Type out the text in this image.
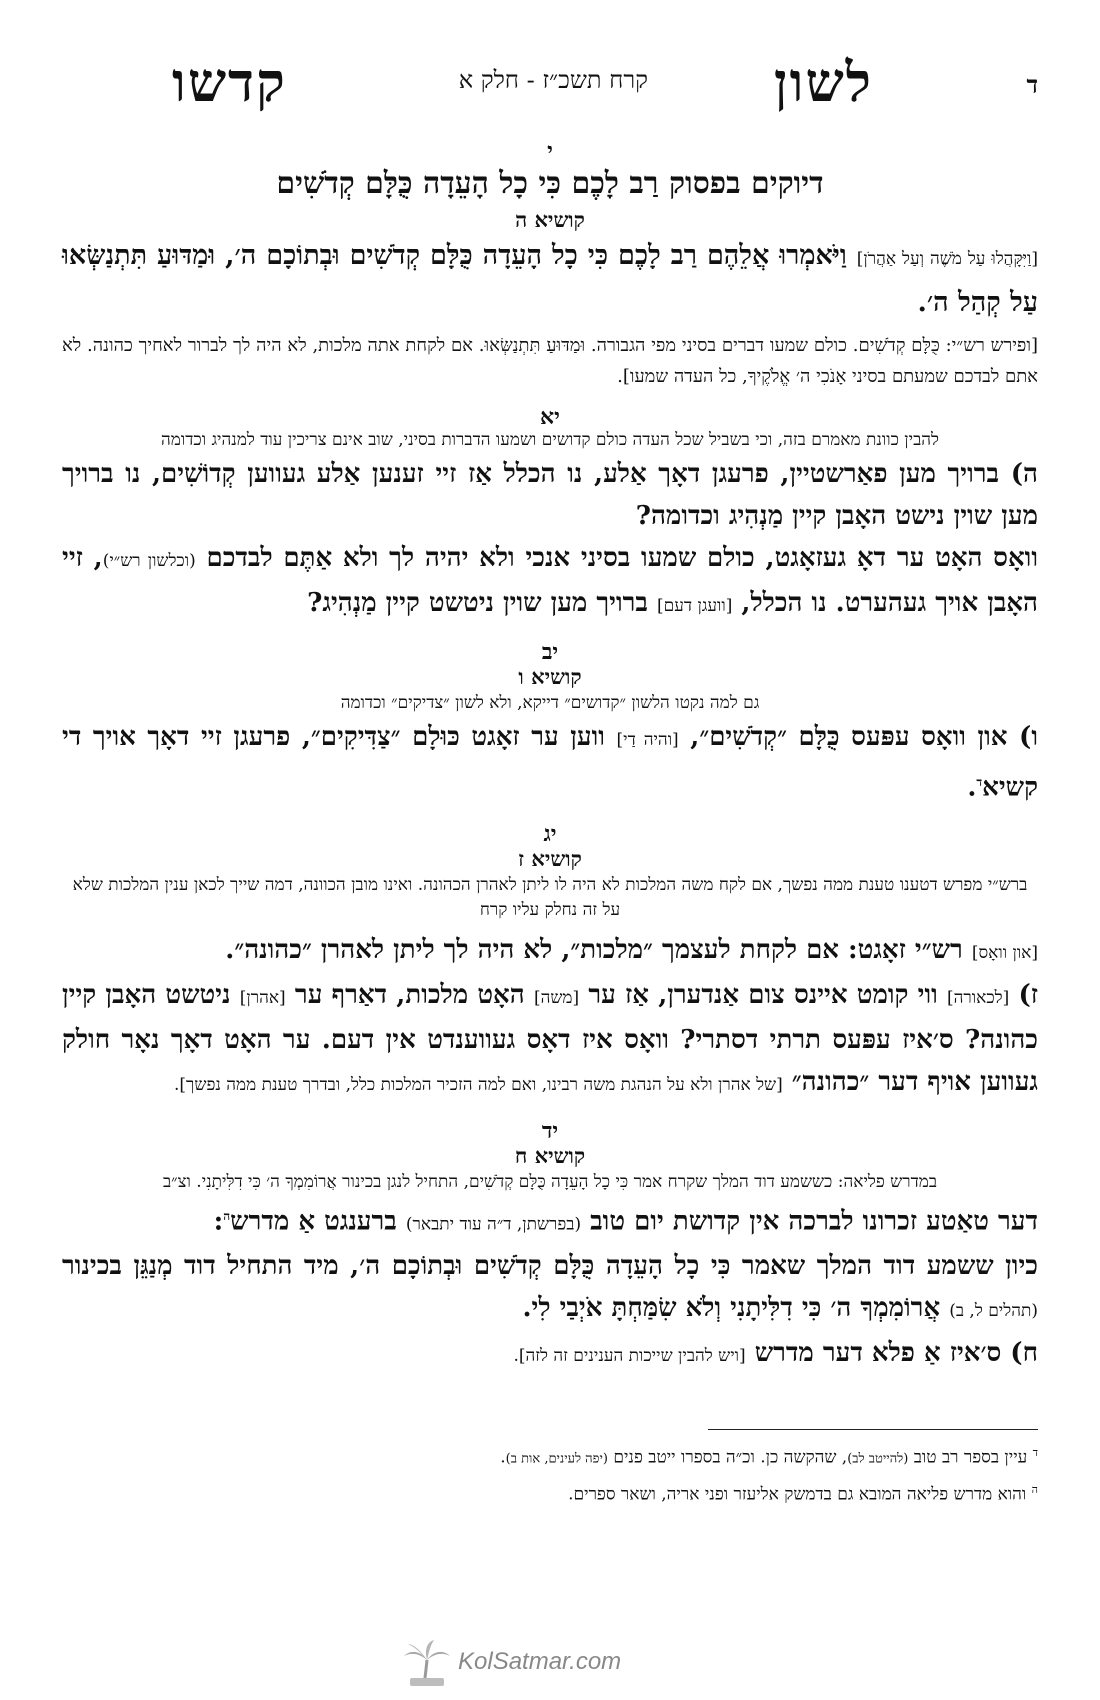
ד
לשון
קרח תשכ״ז - חלק א
קדשו
י
דיוקים בפסוק רַב לָכֶם כִּי כָל הָעֵדָה כֻּלָּם קְדֹשִׁים
קושיא ה
[וַיִּקָּהֲלוּ עַל מֹשֶׁה וְעַל אַהֲרֹן] וַיֹּאמְרוּ אֲלֵהֶם רַב לָכֶם כִּי כָל הָעֵדָה כֻּלָּם קְדֹשִׁים וּבְתוֹכָם ה׳, וּמַדּוּעַ תִּתְנַשְּׂאוּ עַל קְהַל ה׳.
[ופירש רש״י: כֻּלָּם קְדֹשִׁים. כולם שמעו דברים בסיני מפי הגבורה. וּמַדּוּעַ תִּתְנַשְּׂאוּ. אם לקחת אתה מלכות, לא היה לך לברור לאחיך כהונה. לא אתם לבדכם שמעתם בסיני אָנֹכִי ה׳ אֱלֹקֶיךָ, כל העדה שמעו].
יא
להבין כוונת מאמרם בזה, וכי בשביל שכל העדה כולם קדושים ושמעו הדברות בסיני, שוב אינם צריכין עוד למנהיג וכדומה
ה) ברויך מען פאַרשטיין, פרעגן דאָך אַלע, נו הכלל אַז זיי זענען אַלע געווען קְדוֹשִׁים, נו ברויך מען שוין נישט האָבן קיין מַנְהִיג וכדומה?
וואָס האָט ער דאָ געזאָגט, כולם שמעו בסיני אנכי ולא יהיה לך ולא אַתֶּם לבדכם (וכלשון רש״י), זיי האָבן אויך געהערט. נו הכלל, [וועגן דעם] ברויך מען שוין ניטשט קיין מַנְהִיג?
יב
קושיא ו
גם למה נקטו הלשון ״קדושים״ דייקא, ולא לשון ״צדיקים״ וכדומה
ו) און וואָס עפּעס כֻּלָּם ״קְדֹשִׁים״, [והיה דַי] ווען ער זאָגט כּוּלָם ״צַדִּיקִים״, פרעגן זיי דאָך אויך די קשיא$^ד$.
יג
קושיא ז
ברש״י מפרש דטענו טענת ממה נפשך, אם לקח משה המלכות לא היה לו ליתן לאהרן הכהונה. ואינו מובן הכוונה, דמה שייך לכאן ענין המלכות שלא על זה נחלק עליו קרח
[און וואָס] רש״י זאָגט: אם לקחת לעצמך ״מלכות״, לא היה לך ליתן לאהרן ״כהונה״.
ז) [לכאורה] ווי קומט איינס צום אַנדערן, אַז ער [משה] האָט מלכות, דאַרף ער [אהרן] ניטשט האָבן קיין כהונה? ס׳איז עפּעס תרתי דסתרי? וואָס איז דאָס געווענדט אין דעם. ער האָט דאָך נאָר חולק געווען אויף דער ״כהונה״ [של אהרן ולא על הנהגת משה רבינו, ואם למה הזכיר המלכות כלל, ובדרך טענת ממה נפשך].
יד
קושיא ח
במדרש פליאה: כששמע דוד המלך שקרח אמר כִּי כָל הָעֵדָה כֻּלָּם קְדֹשִׁים, התחיל לנגן בכינור אֲרוֹמִמְךָ ה׳ כִּי דִלִּיתָנִי. וצ״ב
דער טאַטע זכרונו לברכה אין קדושת יום טוב (בפרשתן, ד״ה עוד יתבאר) ברענגט אַ מדרש$^ה$:
כיון ששמע דוד המלך שאמר כִּי כָל הָעֵדָה כֻּלָּם קְדֹשִׁים וּבְתוֹכָם ה׳, מיד התחיל דוד מְנַגֵּן בכינור (תהלים ל, ב) אֲרוֹמִמְךָ ה׳ כִּי דִלִּיתָנִי וְלֹא שִׂמַּחְתָּ אֹיְבַי לִי.
ח) ס׳איז אַ פלא דער מדרש [ויש להבין שייכות הענינים זה לזה].
$^ד$ עיין בספר רב טוב (להייטב לב), שהקשה כן. וכ״ה בספרו ייטב פנים (יפה לעינים, אות ב).
$^ה$ והוא מדרש פליאה המובא גם בדמשק אליעזר ופני אריה, ושאר ספרים.
KolSatmar.com
